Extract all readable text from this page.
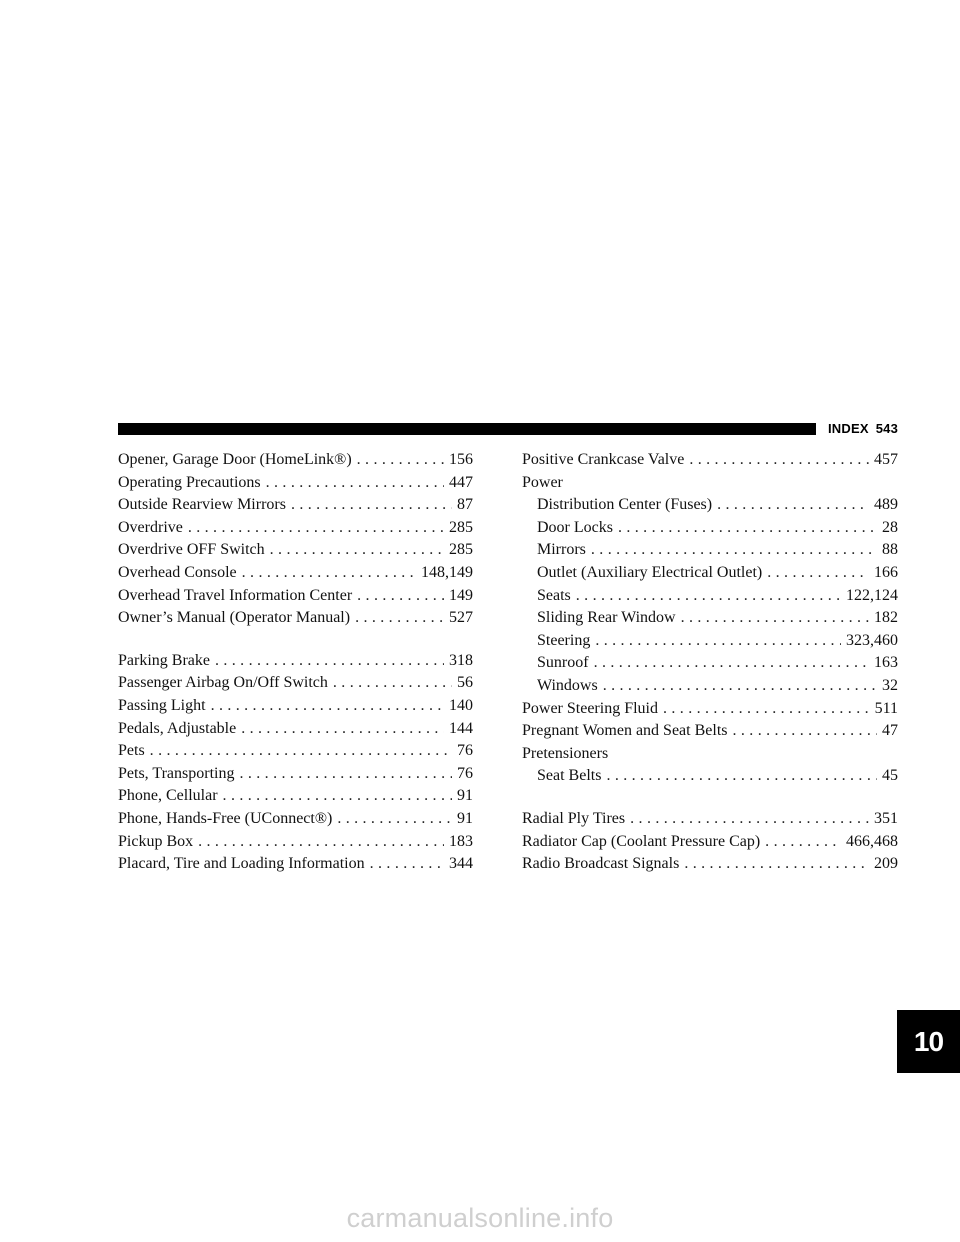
INDEX 543
Opener, Garage Door (HomeLink®) . . .	156
Operating Precautions . . .	447
Outside Rearview Mirrors . . .	87
Overdrive . . .	285
Overdrive OFF Switch . . .	285
Overhead Console . . .	148,149
Overhead Travel Information Center . . .	149
Owner’s Manual (Operator Manual) . . .	527
Parking Brake . . .	318
Passenger Airbag On/Off Switch . . .	56
Passing Light . . .	140
Pedals, Adjustable . . .	144
Pets . . .	76
Pets, Transporting . . .	76
Phone, Cellular . . .	91
Phone, Hands-Free (UConnect®) . . .	91
Pickup Box . . .	183
Placard, Tire and Loading Information . . .	344
Positive Crankcase Valve . . .	457
Power
Distribution Center (Fuses) . . .	489
Door Locks . . .	28
Mirrors . . .	88
Outlet (Auxiliary Electrical Outlet) . . .	166
Seats . . .	122,124
Sliding Rear Window . . .	182
Steering . . .	323,460
Sunroof . . .	163
Windows . . .	32
Power Steering Fluid . . .	511
Pregnant Women and Seat Belts . . .	47
Pretensioners
Seat Belts . . .	45
Radial Ply Tires . . .	351
Radiator Cap (Coolant Pressure Cap) . . .	466,468
Radio Broadcast Signals . . .	209
10
carmanualsonline.info
